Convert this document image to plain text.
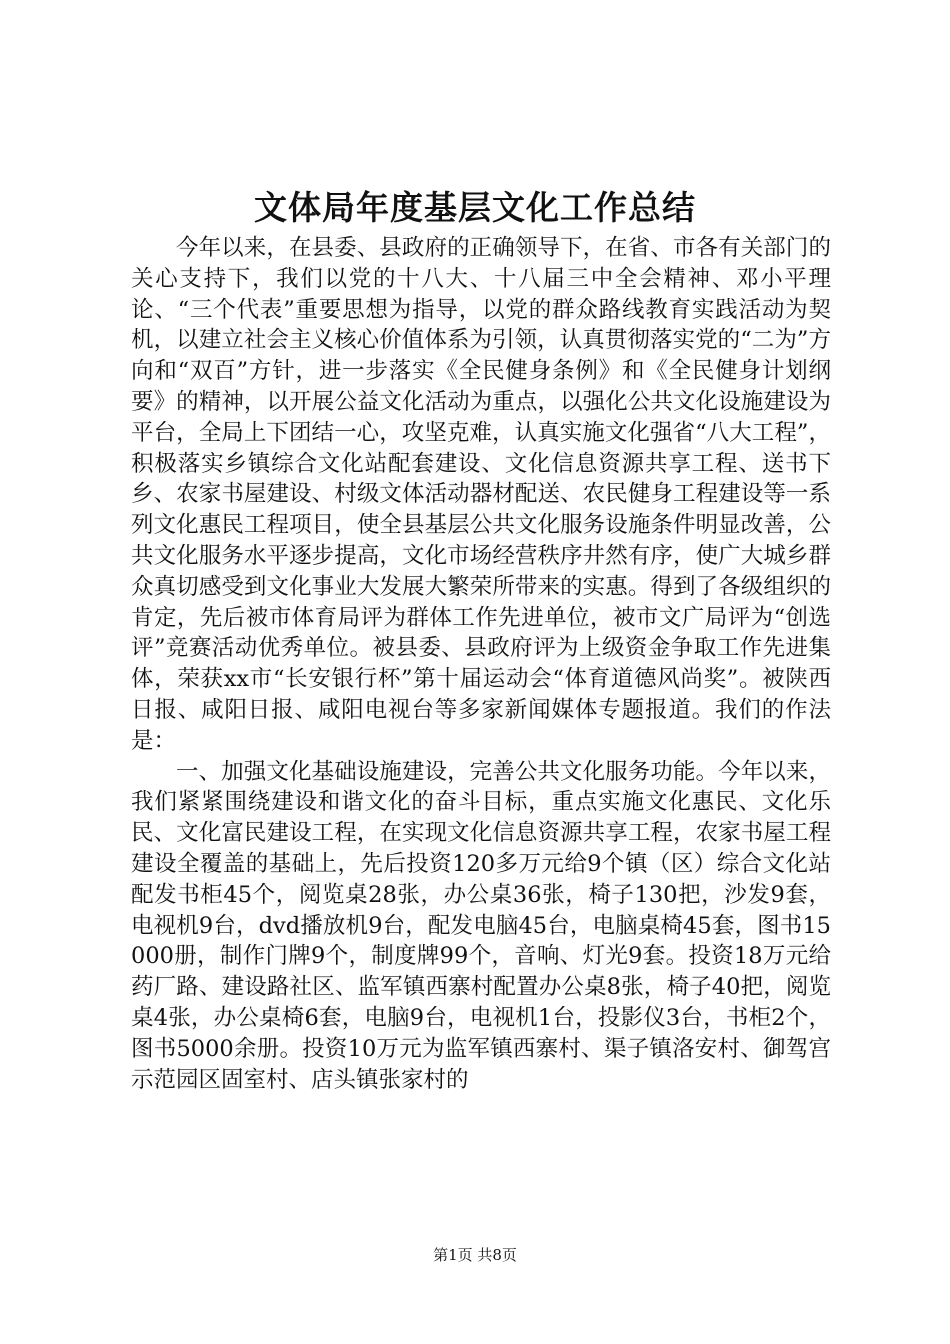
文体局年度基层文化工作总结

今年以来，在县委、县政府的正确领导下，在省、市各有关部门的关心支持下，我们以党的十八大、十八届三中全会精神、邓小平理论、“三个代表”重要思想为指导，以党的群众路线教育实践活动为契机，以建立社会主义核心价值体系为引领，认真贯彻落实党的“二为”方向和“双百”方针，进一步落实《全民健身条例》和《全民健身计划纲要》的精神，以开展公益文化活动为重点，以强化公共文化设施建设为平台，全局上下团结一心，攻坚克难，认真实施文化强省“八大工程”，积极落实乡镇综合文化站配套建设、文化信息资源共享工程、送书下乡、农家书屋建设、村级文体活动器材配送、农民健身工程建设等一系列文化惠民工程项目，使全县基层公共文化服务设施条件明显改善，公共文化服务水平逐步提高，文化市场经营秩序井然有序，使广大城乡群众真切感受到文化事业大发展大繁荣所带来的实惠。得到了各级组织的肯定，先后被市体育局评为群体工作先进单位，被市文广局评为“创选评”竞赛活动优秀单位。被县委、县政府评为上级资金争取工作先进集体，荣获xx市“长安银行杯”第十届运动会“体育道德风尚奖”。被陕西日报、咸阳日报、咸阳电视台等多家新闻媒体专题报道。我们的作法是：

一、加强文化基础设施建设，完善公共文化服务功能。今年以来，我们紧紧围绕建设和谐文化的奋斗目标，重点实施文化惠民、文化乐民、文化富民建设工程，在实现文化信息资源共享工程，农家书屋工程建设全覆盖的基础上，先后投资120多万元给9个镇（区）综合文化站配发书柜45个，阅览桌28张，办公桌36张，椅子130把，沙发9套，电视机9台，dvd播放机9台，配发电脑45台，电脑桌椅45套，图书15000册，制作门牌9个，制度牌99个，音响、灯光9套。投资18万元给药厂路、建设路社区、监军镇西寨村配置办公桌8张，椅子40把，阅览桌4张，办公桌椅6套，电脑9台，电视机1台，投影仪3台，书柜2个，图书5000余册。投资10万元为监军镇西寨村、渠子镇洛安村、御驾宫示范园区固室村、店头镇张家村的

第1页 共8页
